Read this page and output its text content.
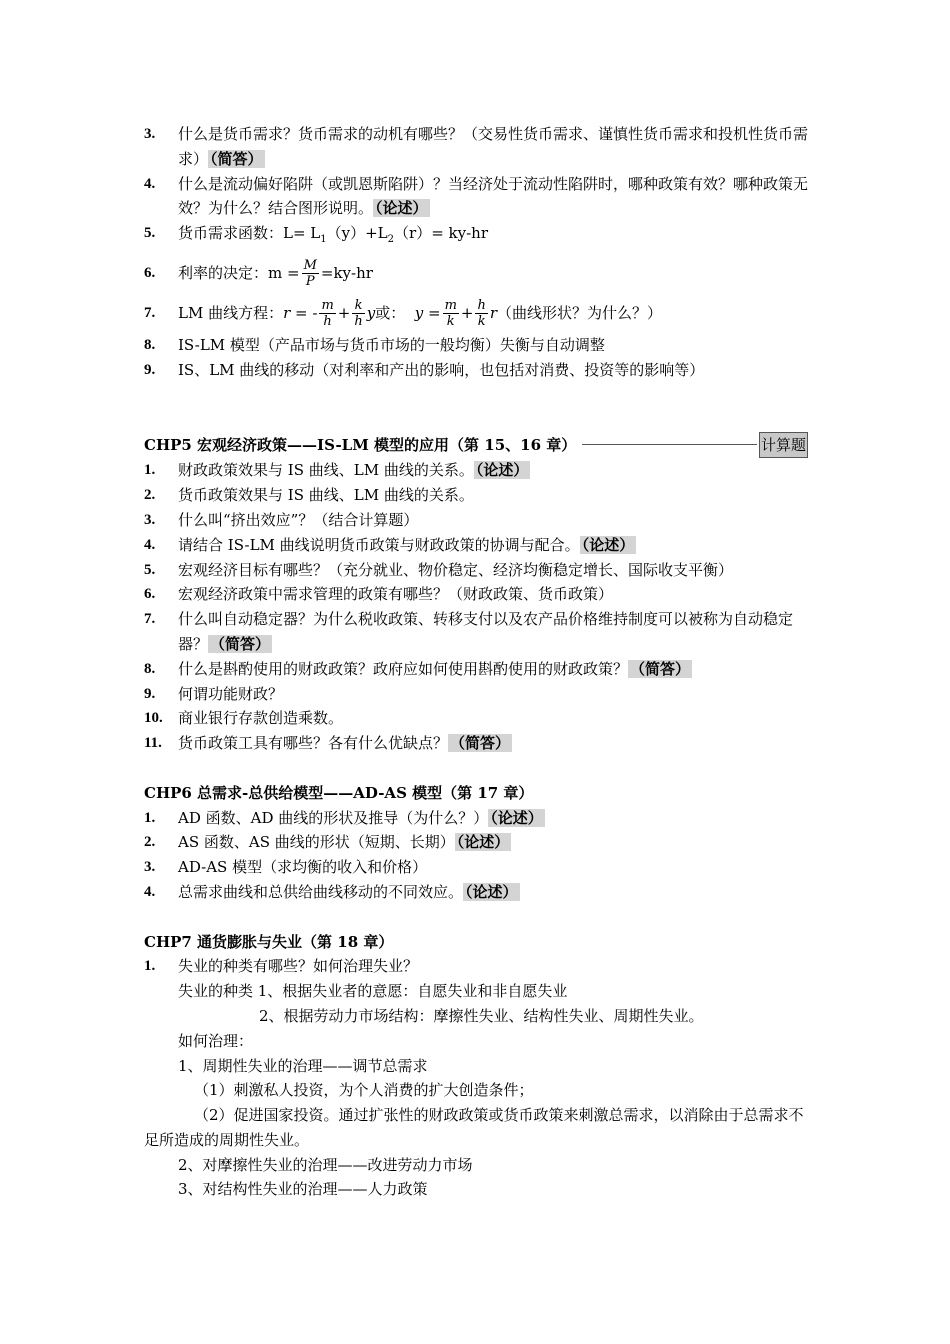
3. 什么是货币需求？货币需求的动机有哪些？（交易性货币需求、谨慎性货币需求和投机性货币需求） （简答）
4. 什么是流动偏好陷阱（或凯恩斯陷阱）？当经济处于流动性陷阱时，哪种政策有效？哪种政策无效？为什么？结合图形说明。 （论述）
5. 货币需求函数：$L= L_1(y)+L_2(r)= ky-hr$
6. 利率的决定：$m = \frac{M}{P} =ky-hr$
7. LM 曲线方程：r = - $\frac{m}{h} + \frac{k}{h}$ y或： $y = \frac{m}{k} + \frac{h}{k} r$（曲线形状？为什么？）
8. IS-LM 模型（产品市场与货币市场的一般均衡）失衡与自动调整
9. IS、LM 曲线的移动（对利率和产出的影响，也包括对消费、投资等的影响等）
CHP5 宏观经济政策——IS-LM 模型的应用（第 15、16 章）	计算题
1. 财政政策效果与 IS 曲线、LM 曲线的关系。 （论述）
2. 货币政策效果与 IS 曲线、LM 曲线的关系。
3. 什么叫“挤出效应”？（结合计算题）
4. 请结合 IS-LM 曲线说明货币政策与财政政策的协调与配合。 （论述）
5. 宏观经济目标有哪些？（充分就业、物价稳定、经济均衡稳定增长、国际收支平衡）
6. 宏观经济政策中需求管理的政策有哪些？（财政政策、货币政策）
7. 什么叫自动稳定器？为什么税收政策、转移支付以及农产品价格维持制度可以被称为自动稳定器？ （简答）
8. 什么是斟酌使用的财政政策？政府应如何使用斟酌使用的财政政策？ （简答）
9. 何谓功能财政？
10. 商业银行存款创造乘数。
11. 货币政策工具有哪些？各有什么优缺点？ （简答）
CHP6 总需求-总供给模型——AD-AS 模型（第 17 章）
1. AD 函数、AD 曲线的形状及推导（为什么？） （论述）
2. AS 函数、AS 曲线的形状（短期、长期） （论述）
3. AD-AS 模型（求均衡的收入和价格）
4. 总需求曲线和总供给曲线移动的不同效应。 （论述）
CHP7 通货膨胀与失业（第 18 章）
1. 失业的种类有哪些？如何治理失业？
失业的种类 1、根据失业者的意愿：自愿失业和非自愿失业
2、根据劳动力市场结构：摩擦性失业、结构性失业、周期性失业。
如何治理：
1、周期性失业的治理——调节总需求
（1）刺激私人投资，为个人消费的扩大创造条件；
（2）促进国家投资。通过扩张性的财政政策或货币政策来刺激总需求，以消除由于总需求不足所造成的周期性失业。
2、对摩擦性失业的治理——改进劳动力市场
3、对结构性失业的治理——人力政策
